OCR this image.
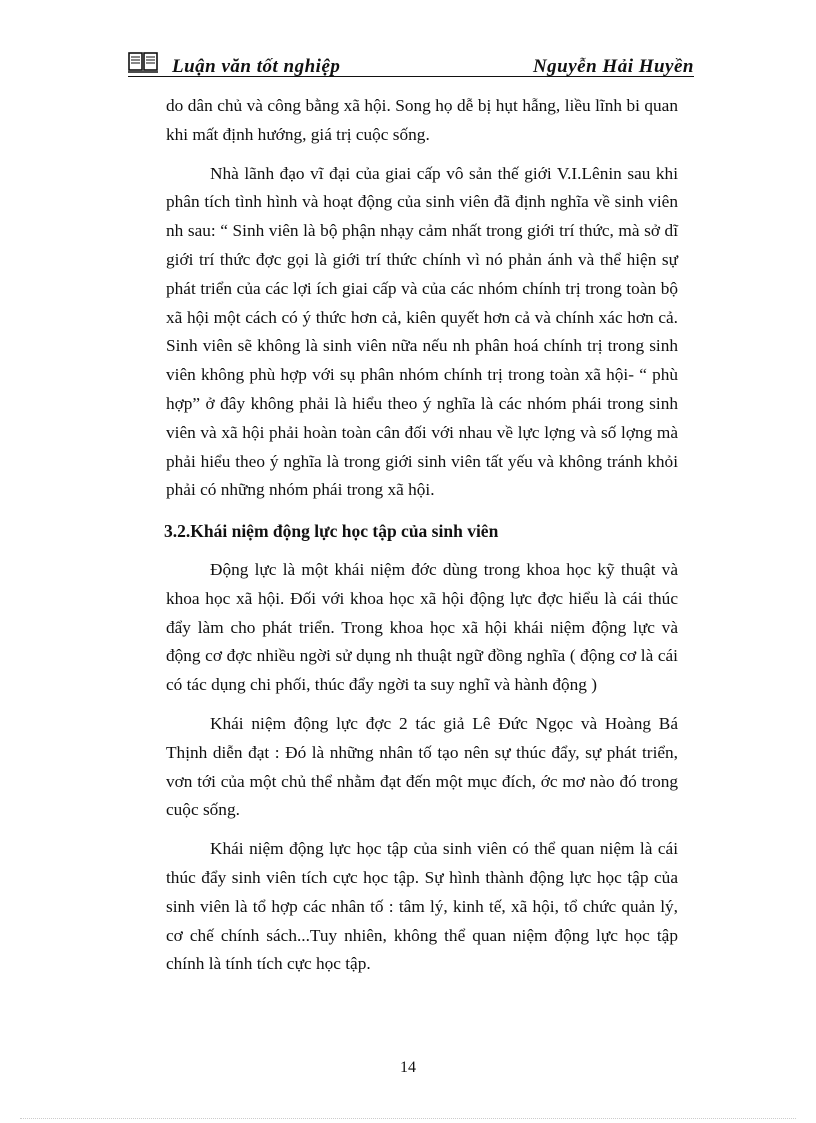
Luận văn tốt nghiệp	Nguyễn Hải Huyền

do dân chủ và công bằng xã hội. Song họ dễ bị hụt hẫng, liều lĩnh bi quan khi mất định hướng, giá trị cuộc sống.

Nhà lãnh đạo vĩ đại của giai cấp vô sản thế giới V.I.Lênin sau khi phân tích tình hình và hoạt động của sinh viên đã định nghĩa về sinh viên nh sau: “ Sinh viên là bộ phận nhạy cảm nhất trong giới trí thức, mà sở dĩ giới trí thức đợc gọi là giới trí thức chính vì nó phản ánh và thể hiện sự phát triển của các lợi ích giai cấp và của các nhóm chính trị trong toàn bộ xã hội một cách có ý thức hơn cả, kiên quyết hơn cả và chính xác hơn cả. Sinh viên sẽ không là sinh viên nữa nếu nh phân hoá chính trị trong sinh viên không phù hợp với sụ phân nhóm chính trị trong toàn xã hội- “ phù hợp” ở đây không phải là hiểu theo ý nghĩa là các nhóm phái trong sinh viên và xã hội phải hoàn toàn cân đối với nhau về lực lợng và số lợng mà phải hiểu theo ý nghĩa là trong giới sinh viên tất yếu và không tránh khỏi phải có những nhóm phái trong xã hội.

3.2.Khái niệm động lực học tập của sinh viên

Động lực là một khái niệm đớc dùng trong khoa học kỹ thuật và khoa học xã hội. Đối với khoa học xã hội động lực đợc hiểu là cái thúc đẩy làm cho phát triển. Trong khoa học xã hội khái niệm động lực và động cơ đợc nhiều ngời sử dụng nh thuật ngữ đồng nghĩa ( động cơ là cái có tác dụng chi phối, thúc đẩy ngời ta suy nghĩ và hành động )

Khái niệm động lực đợc 2 tác giả Lê Đức Ngọc và Hoàng Bá Thịnh diễn đạt : Đó là những nhân tố tạo nên sự thúc đẩy, sự phát triển, vơn tới của một chủ thể nhằm đạt đến một mục đích, ớc mơ nào đó trong cuộc sống.

Khái niệm động lực học tập của sinh viên có thể quan niệm là cái thúc đẩy sinh viên tích cực học tập. Sự hình thành động lực học tập của sinh viên là tổ hợp các nhân tố : tâm lý, kinh tế, xã hội, tổ chức quản lý, cơ chế chính sách...Tuy nhiên, không thể quan niệm động lực học tập chính là tính tích cực học tập.

14
